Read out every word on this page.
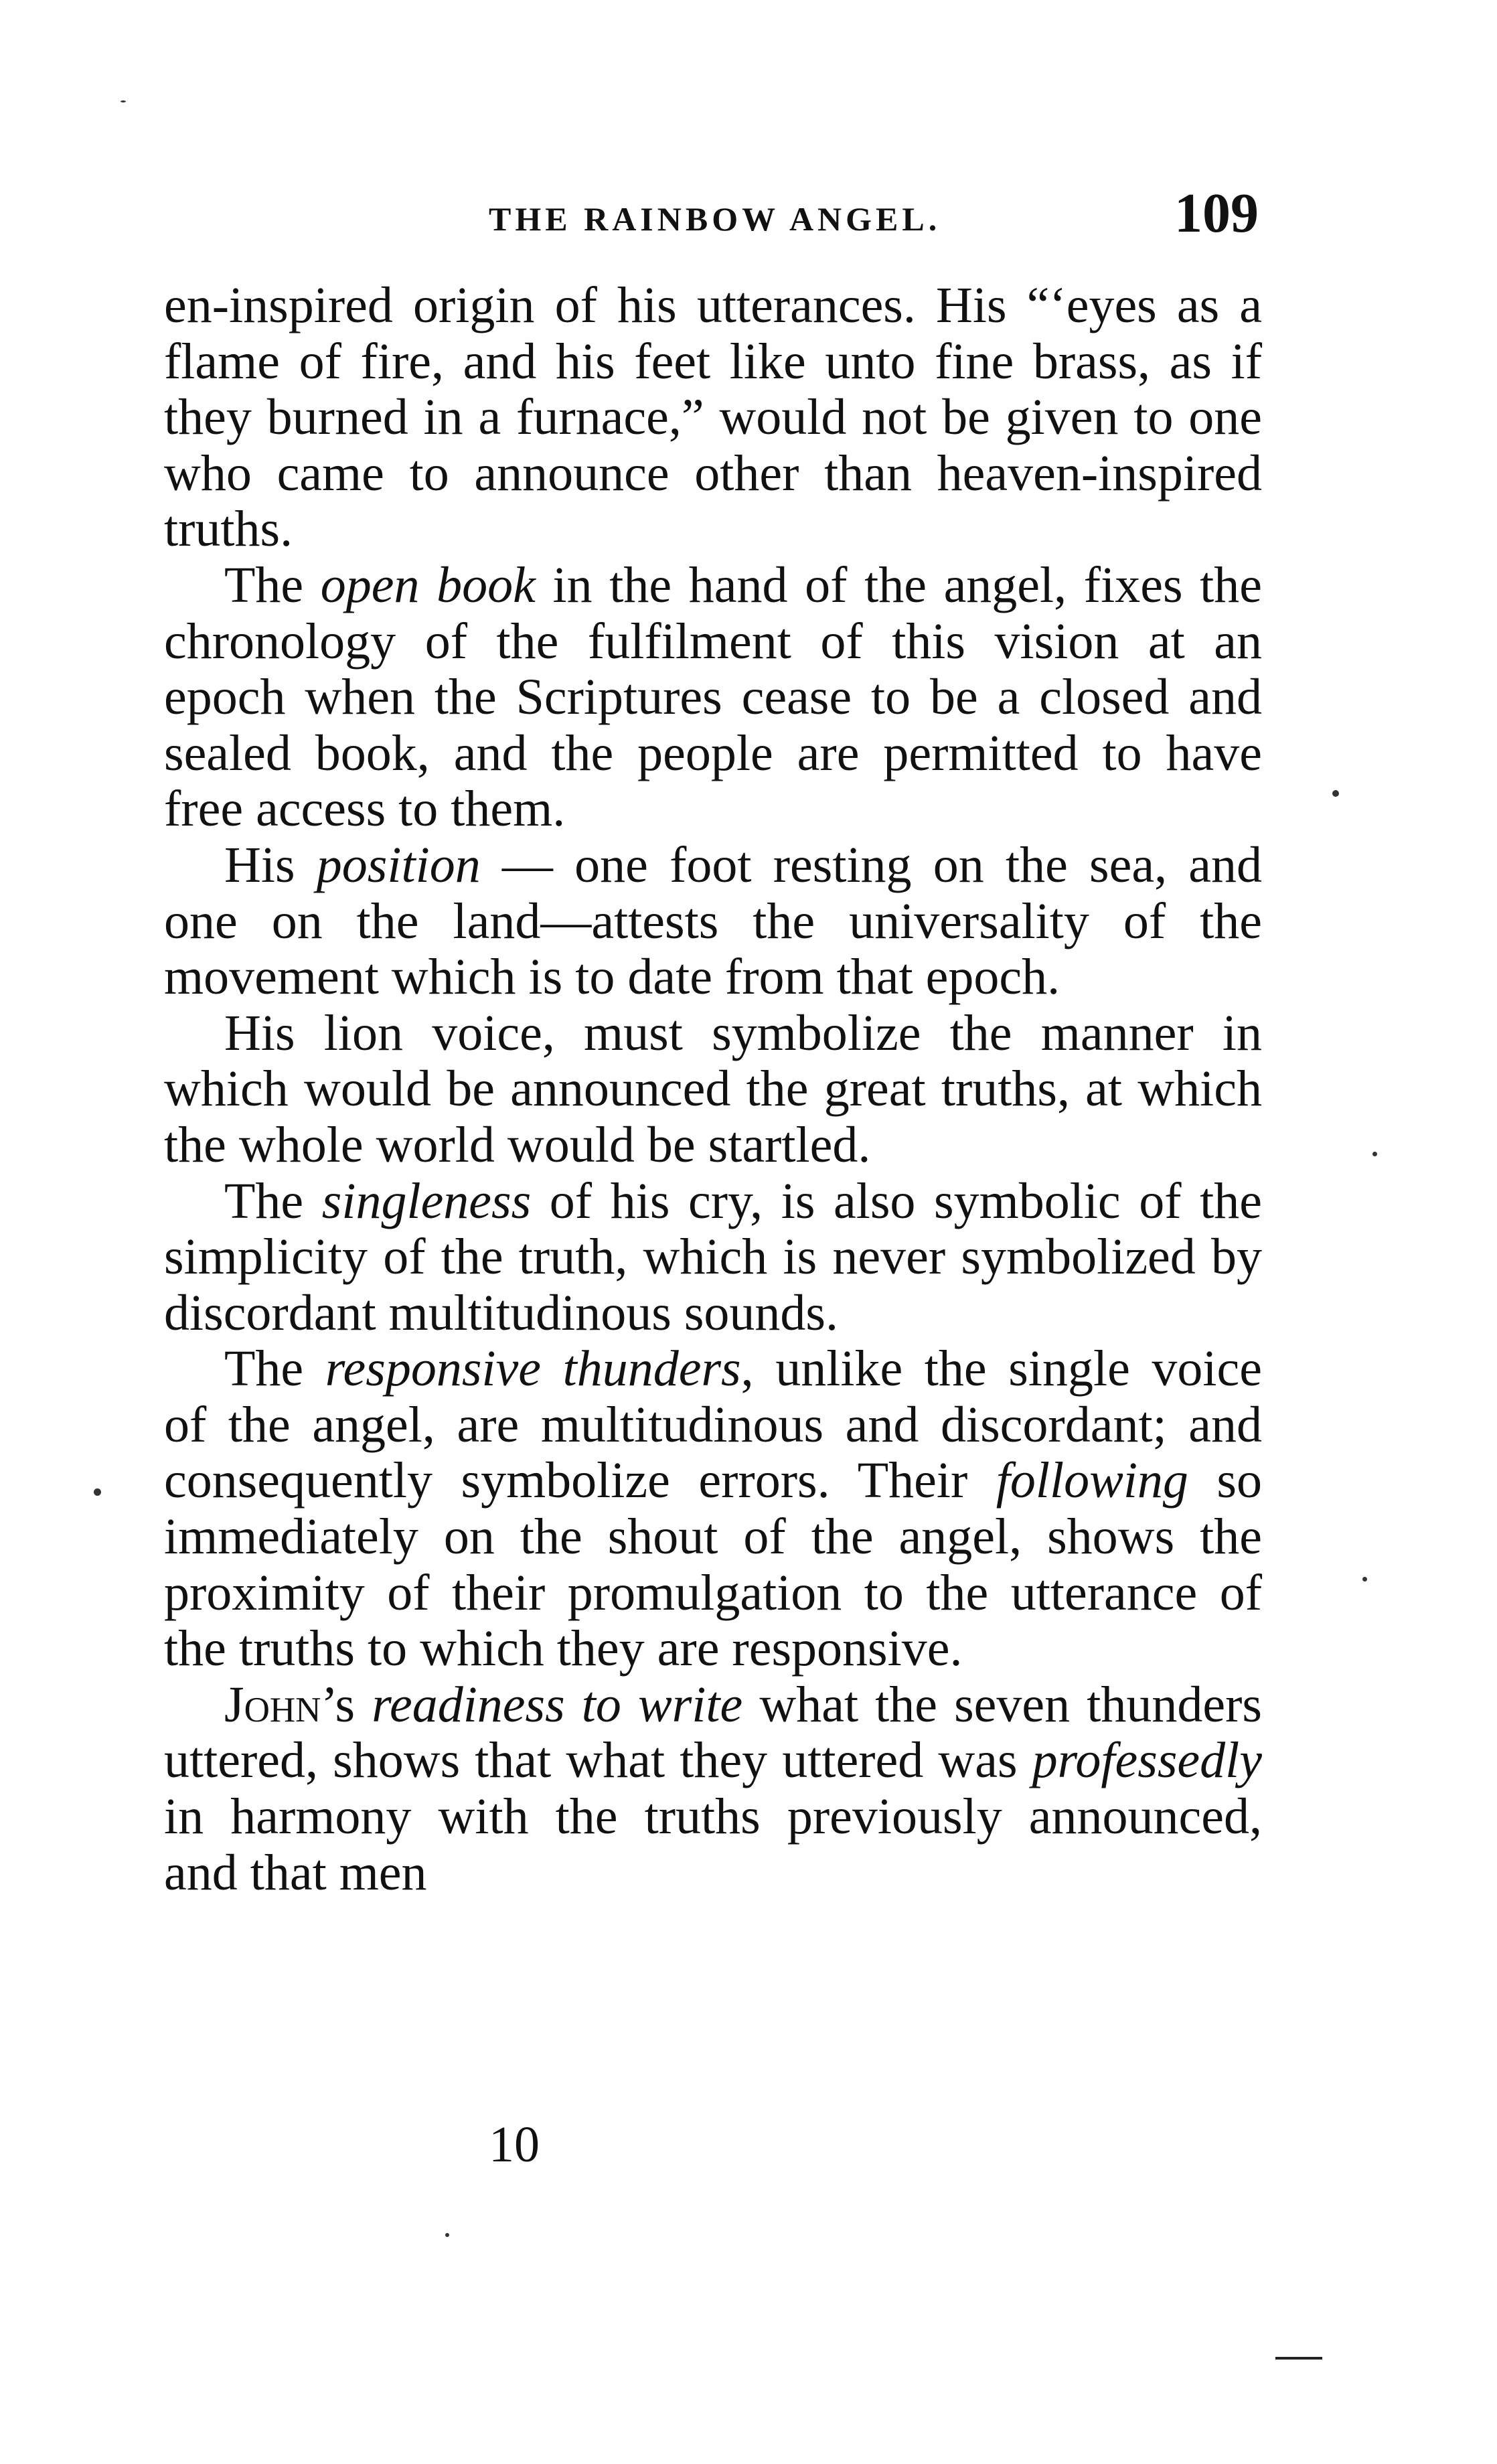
THE RAINBOW ANGEL.	109

en-inspired origin of his utterances. His “‘eyes as a flame of fire, and his feet like unto fine brass, as if they burned in a furnace,” would not be given to one who came to announce other than heaven-inspired truths.

The open book in the hand of the angel, fixes the chronology of the fulfilment of this vision at an epoch when the Scriptures cease to be a closed and sealed book, and the people are permitted to have free access to them.

His position — one foot resting on the sea, and one on the land—attests the universality of the movement which is to date from that epoch.

His lion voice, must symbolize the manner in which would be announced the great truths, at which the whole world would be startled.

The singleness of his cry, is also symbolic of the simplicity of the truth, which is never symbolized by discordant multitudinous sounds.

The responsive thunders, unlike the single voice of the angel, are multitudinous and discordant; and consequently symbolize errors. Their following so immediately on the shout of the angel, shows the proximity of their promulgation to the utterance of the truths to which they are responsive.

John’s readiness to write what the seven thunders uttered, shows that what they uttered was professedly in harmony with the truths previously announced, and that men

10
